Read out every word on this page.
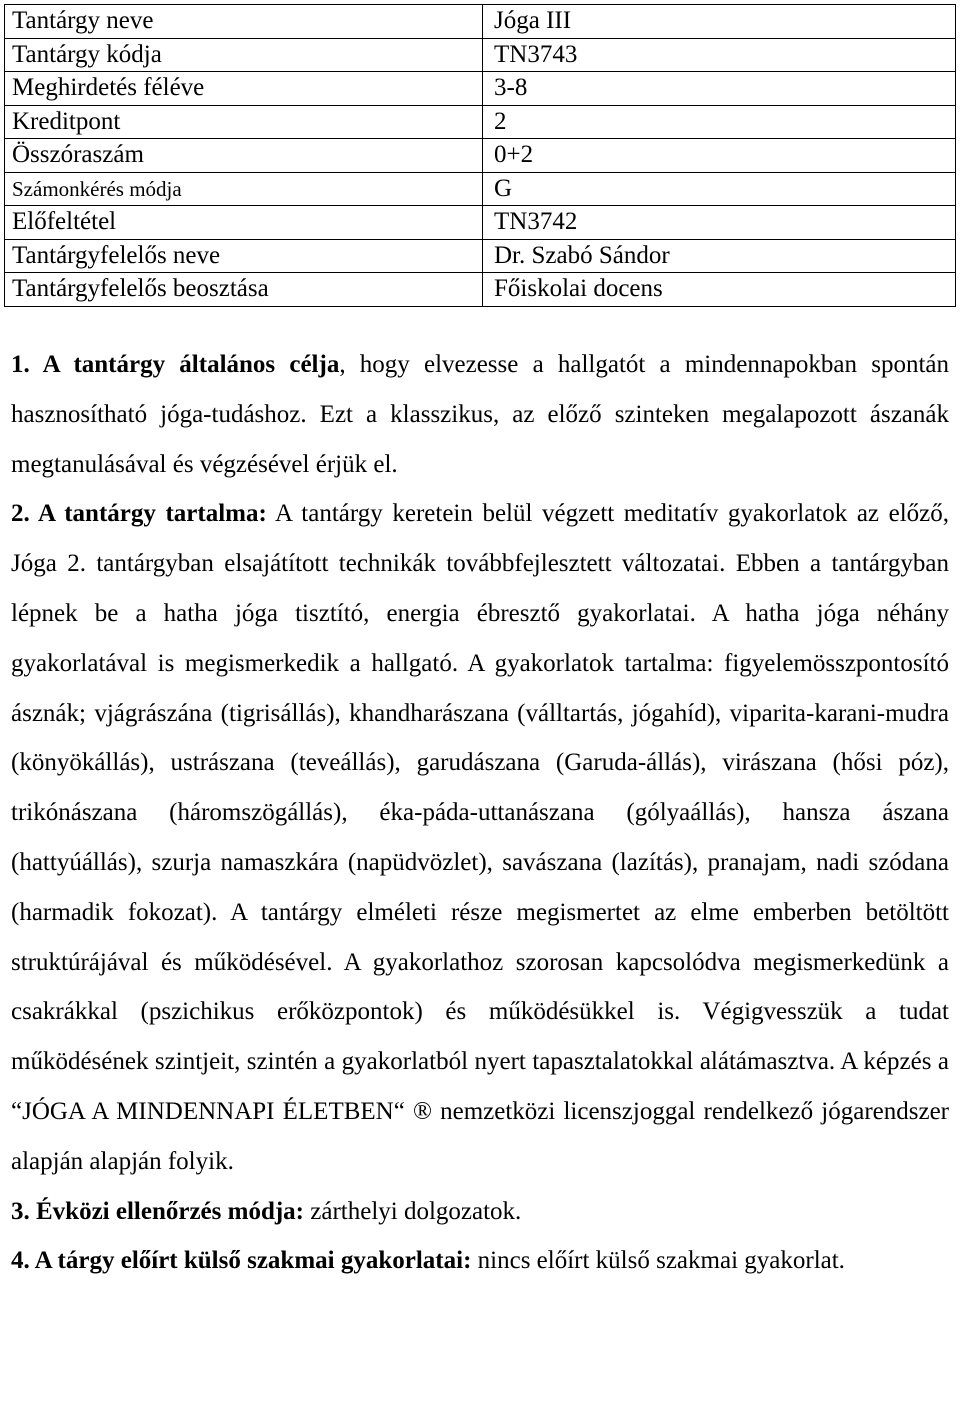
Tantárgy neve	Jóga III
Tantárgy kódja	TN3743
Meghirdetés féléve	3-8
Kreditpont	2
Összóraszám	0+2
Számonkérés módja	G
Előfeltétel	TN3742
Tantárgyfelelős neve	Dr. Szabó Sándor
Tantárgyfelelős beosztása	Főiskolai docens

1. A tantárgy általános célja, hogy elvezesse a hallgatót a mindennapokban spontán hasznosítható jóga-tudáshoz. Ezt a klasszikus, az előző szinteken megalapozott ászanák megtanulásával és végzésével érjük el.

2. A tantárgy tartalma: A tantárgy keretein belül végzett meditatív gyakorlatok az előző, Jóga 2. tantárgyban elsajátított technikák továbbfejlesztett változatai. Ebben a tantárgyban lépnek be a hatha jóga tisztító, energia ébresztő gyakorlatai. A hatha jóga néhány gyakorlatával is megismerkedik a hallgató. A gyakorlatok tartalma: figyelemösszpontosító ásznák; vjágrászána (tigrisállás), khandharászana (válltartás, jógahíd), viparita-karani-mudra (könyökállás), ustrászana (teveállás), garudászana (Garuda-állás), virászana (hősi póz), trikónászana (háromszögállás), éka-páda-uttanászana (gólyaállás), hansza ászana (hattyúállás), szurja namaszkára (napüdvözlet), savászana (lazítás), pranajam, nadi szódana (harmadik fokozat). A tantárgy elméleti része megismertet az elme emberben betöltött struktúrájával és működésével. A gyakorlathoz szorosan kapcsolódva megismerkedünk a csakrákkal (pszichikus erőközpontok) és működésükkel is. Végigvesszük a tudat működésének szintjeit, szintén a gyakorlatból nyert tapasztalatokkal alátámasztva. A képzés a “JÓGA A MINDENNAPI ÉLETBEN“ ® nemzetközi licenszjoggal rendelkező jógarendszer alapján alapján folyik.

3. Évközi ellenőrzés módja: zárthelyi dolgozatok.

4. A tárgy előírt külső szakmai gyakorlatai: nincs előírt külső szakmai gyakorlat.
